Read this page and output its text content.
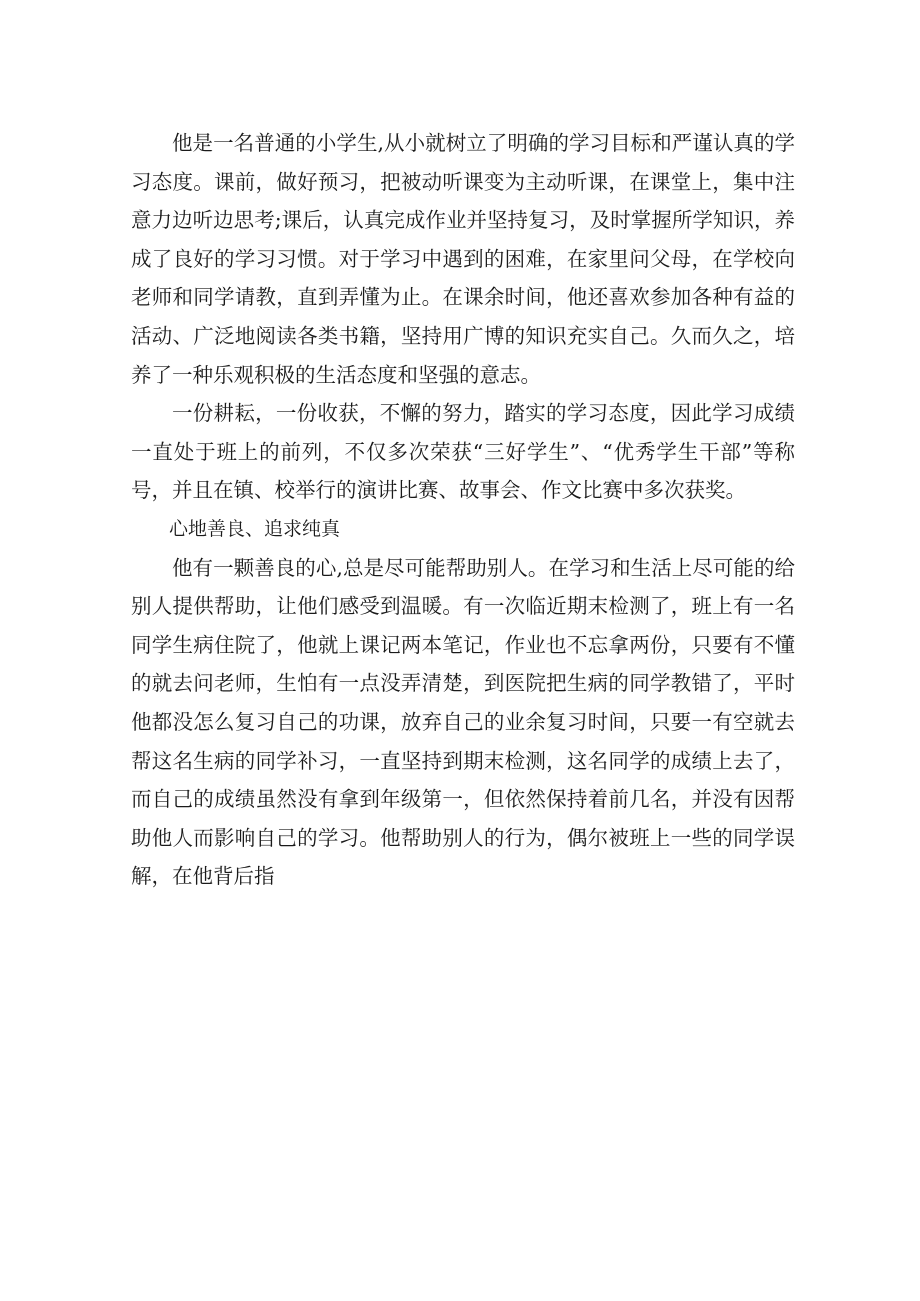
他是一名普通的小学生,从小就树立了明确的学习目标和严谨认真的学习态度。课前，做好预习，把被动听课变为主动听课，在课堂上，集中注意力边听边思考;课后，认真完成作业并坚持复习，及时掌握所学知识，养成了良好的学习习惯。对于学习中遇到的困难，在家里问父母，在学校向老师和同学请教，直到弄懂为止。在课余时间，他还喜欢参加各种有益的活动、广泛地阅读各类书籍，坚持用广博的知识充实自己。久而久之，培养了一种乐观积极的生活态度和坚强的意志。

一份耕耘，一份收获，不懈的努力，踏实的学习态度，因此学习成绩一直处于班上的前列，不仅多次荣获“三好学生”、“优秀学生干部”等称号，并且在镇、校举行的演讲比赛、故事会、作文比赛中多次获奖。

心地善良、追求纯真

他有一颗善良的心,总是尽可能帮助别人。在学习和生活上尽可能的给别人提供帮助，让他们感受到温暖。有一次临近期末检测了，班上有一名同学生病住院了，他就上课记两本笔记，作业也不忘拿两份，只要有不懂的就去问老师，生怕有一点没弄清楚，到医院把生病的同学教错了，平时他都没怎么复习自己的功课，放弃自己的业余复习时间，只要一有空就去帮这名生病的同学补习，一直坚持到期末检测，这名同学的成绩上去了，而自己的成绩虽然没有拿到年级第一，但依然保持着前几名，并没有因帮助他人而影响自己的学习。他帮助别人的行为，偶尔被班上一些的同学误解，在他背后指
